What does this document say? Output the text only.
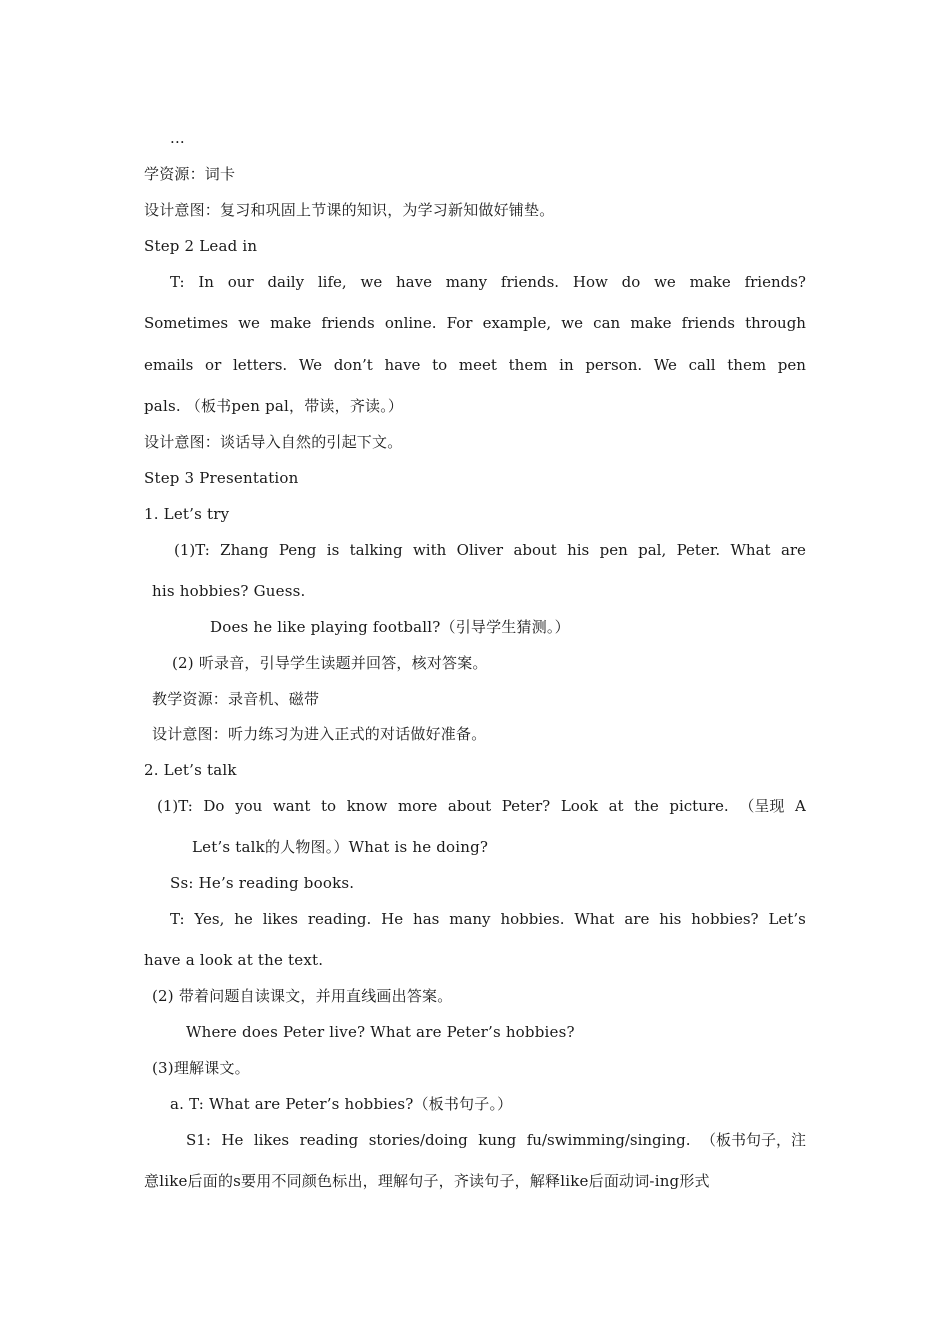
...
学资源：词卡
设计意图：复习和巩固上节课的知识，为学习新知做好铺垫。
Step 2 Lead in
T: In our daily life, we have many friends. How do we make friends?
Sometimes we make friends online. For example, we can make friends through
emails or letters. We don’t have to meet them in person. We call them pen
pals. （板书pen pal，带读，齐读。）
设计意图：谈话导入自然的引起下文。
Step 3 Presentation
1. Let’s try
(1)T: Zhang Peng is talking with Oliver about his pen pal, Peter. What are
his hobbies? Guess.
Does he like playing football?（引导学生猜测。）
(2) 听录音，引导学生读题并回答，核对答案。
教学资源：录音机、磁带
设计意图：听力练习为进入正式的对话做好准备。
2. Let’s talk
(1)T: Do you want to know more about Peter? Look at the picture. （呈现 A
Let’s talk的人物图。）What is he doing?
Ss: He’s reading books.
T: Yes, he likes reading. He has many hobbies. What are his hobbies? Let’s
have a look at the text.
(2) 带着问题自读课文，并用直线画出答案。
Where does Peter live? What are Peter’s hobbies?
(3)理解课文。
a. T: What are Peter’s hobbies?（板书句子。）
S1: He likes reading stories/doing kung fu/swimming/singing. （板书句子，注
意like后面的s要用不同颜色标出，理解句子，齐读句子，解释like后面动词-ing形式
